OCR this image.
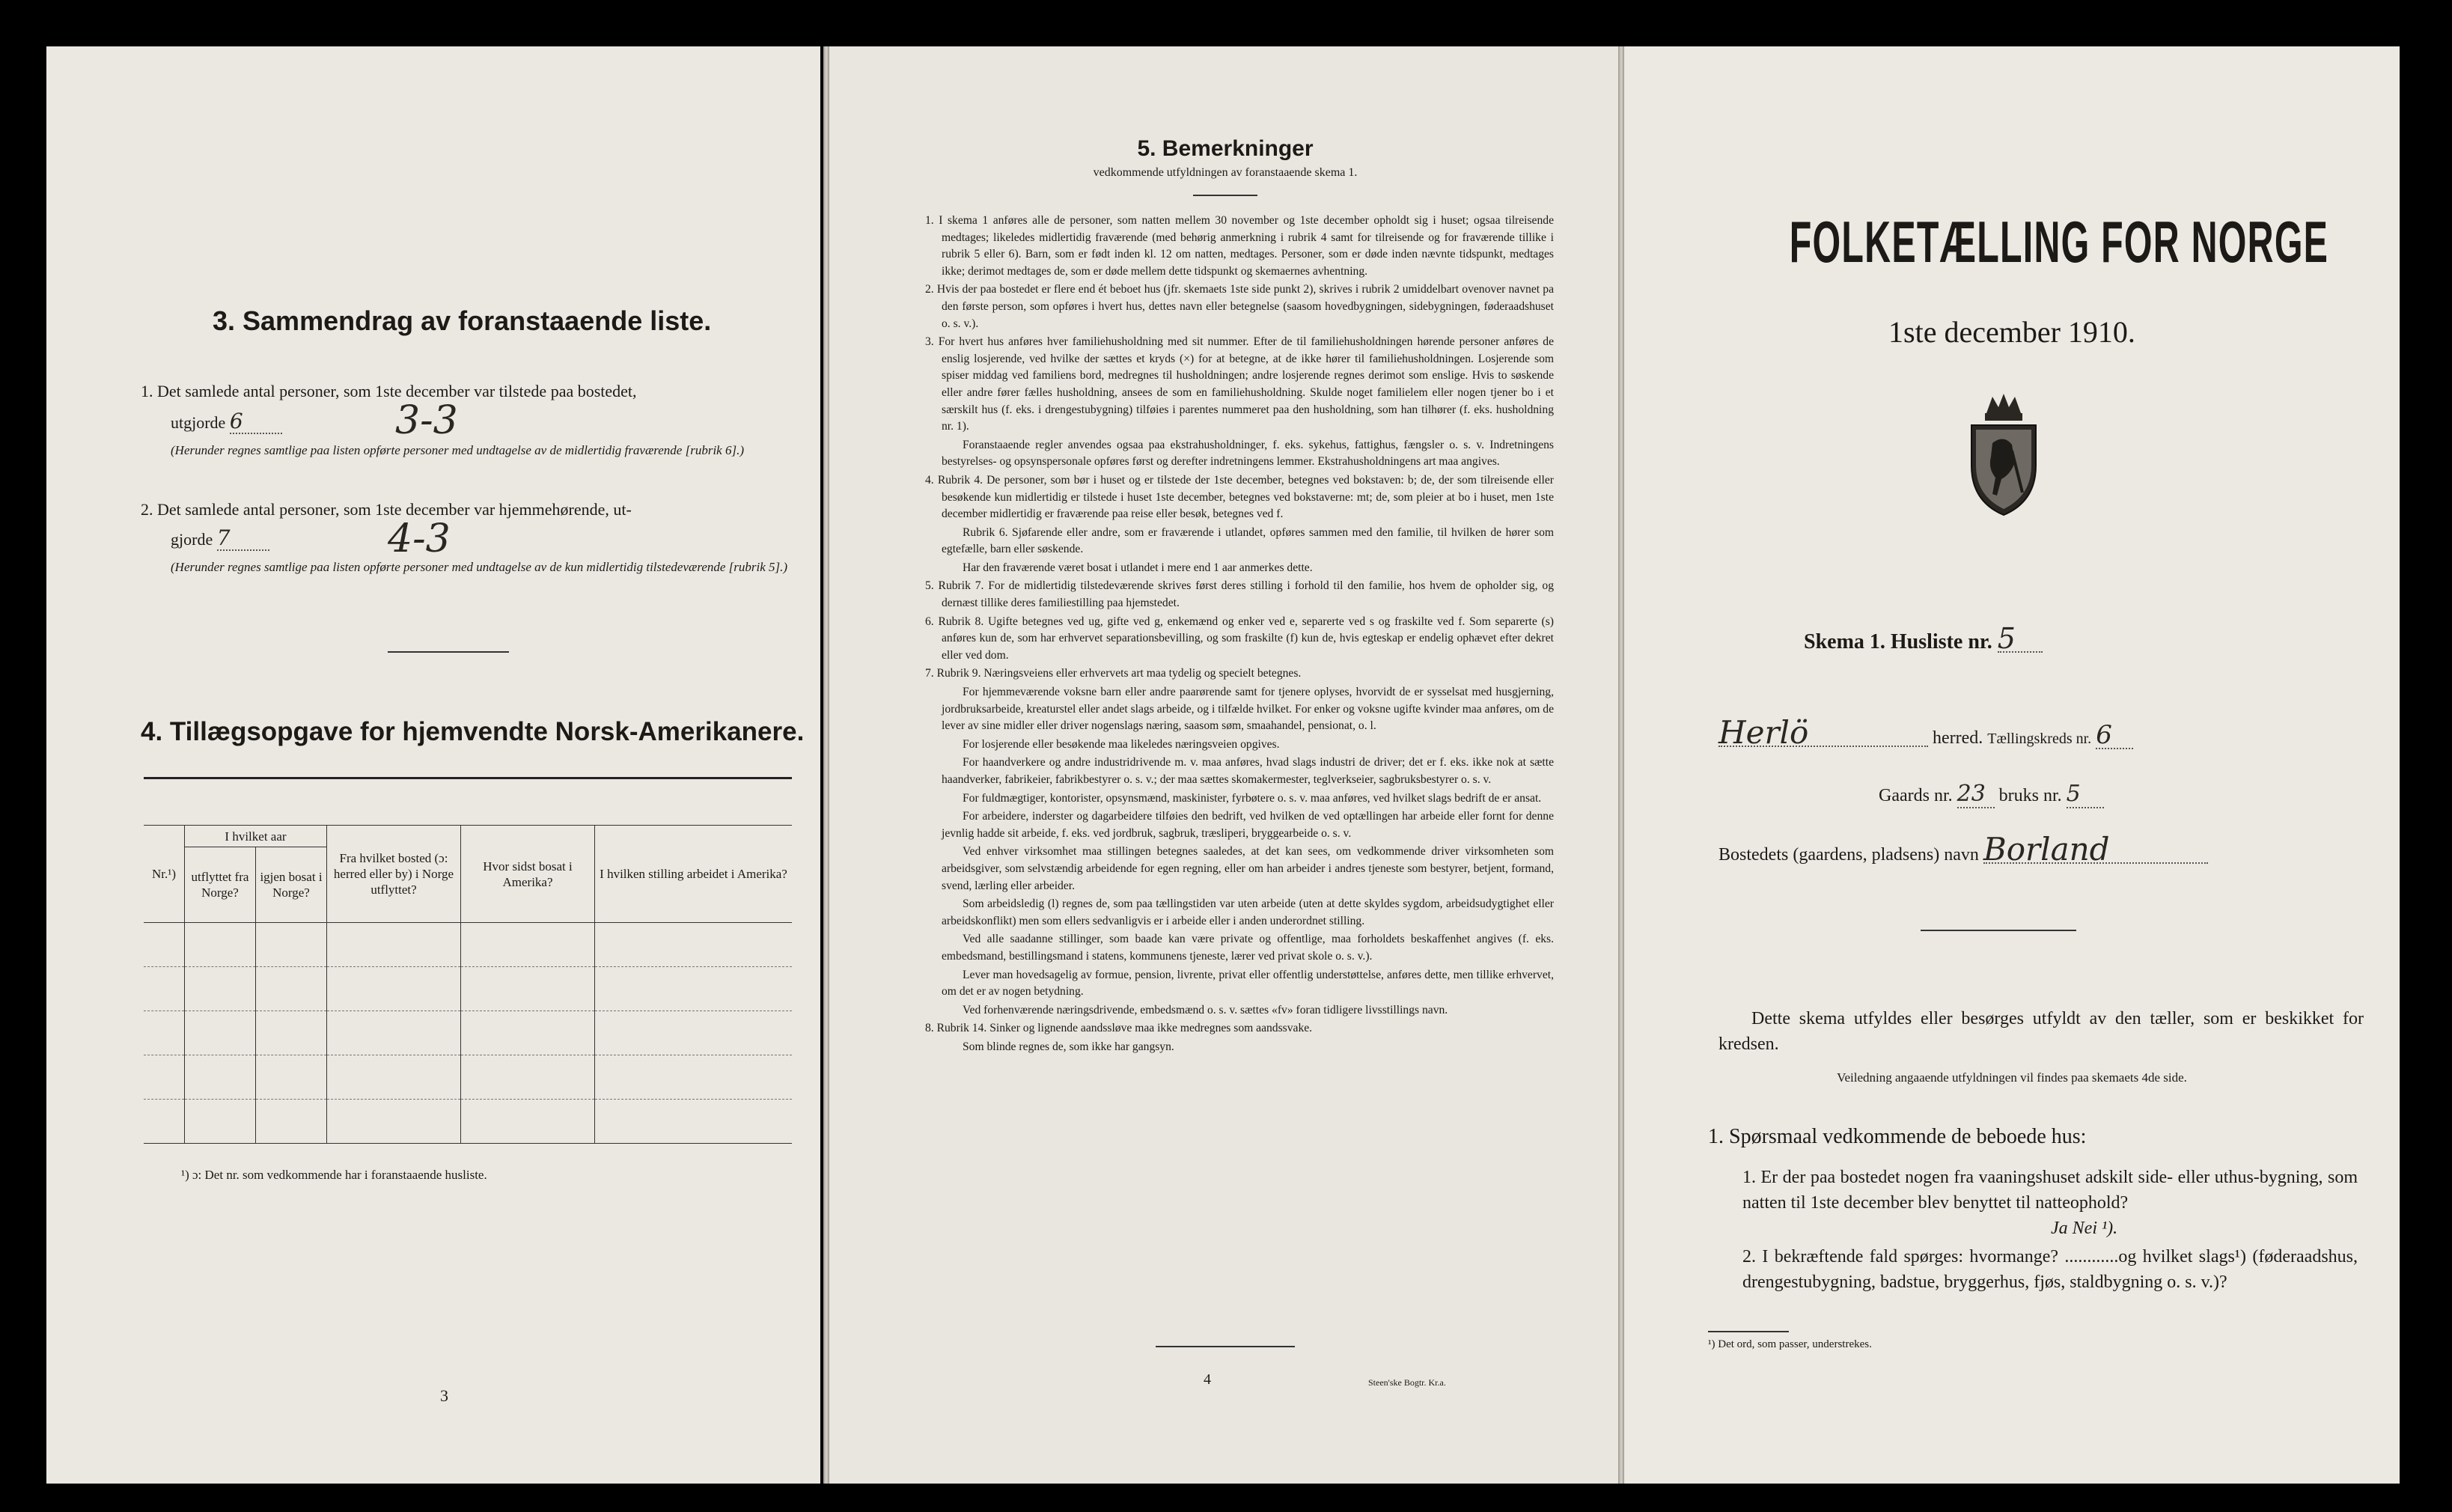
3. Sammendrag av foranstaaende liste.
1. Det samlede antal personer, som 1ste december var tilstede paa bostedet,
utgjorde 6	3-3
(Herunder regnes samtlige paa listen opførte personer med undtagelse av de midlertidig fraværende [rubrik 6].)
2. Det samlede antal personer, som 1ste december var hjemmehørende, ut-
gjorde 7	4-3
(Herunder regnes samtlige paa listen opførte personer med undtagelse av de kun midlertidig tilstedeværende [rubrik 5].)
4. Tillægsopgave for hjemvendte Norsk-Amerikanere.
Nr.¹)	I hvilket aar		Fra hvilket bosted (ɔ: herred eller by) i Norge utflyttet?	Hvor sidst bosat i Amerika?	I hvilken stilling arbeidet i Amerika?
	utflyttet fra Norge?	igjen bosat i Norge?			

¹) ɔ: Det nr. som vedkommende har i foranstaaende husliste.
3
5. Bemerkninger
vedkommende utfyldningen av foranstaaende skema 1.

1. I skema 1 anføres alle de personer, som natten mellem 30 november og 1ste december opholdt sig i huset; ogsaa tilreisende medtages; likeledes midlertidig fraværende (med behørig anmerkning i rubrik 4 samt for tilreisende og for fraværende tillike i rubrik 5 eller 6). Barn, som er født inden kl. 12 om natten, medtages. Personer, som er døde inden nævnte tidspunkt, medtages ikke; derimot medtages de, som er døde mellem dette tidspunkt og skemaernes avhentning.

2. Hvis der paa bostedet er flere end ét beboet hus (jfr. skemaets 1ste side punkt 2), skrives i rubrik 2 umiddelbart ovenover navnet pa den første person, som opføres i hvert hus, dettes navn eller betegnelse (saasom hovedbygningen, sidebygningen, føderaadshuset o. s. v.).

3. For hvert hus anføres hver familiehusholdning med sit nummer. Efter de til familiehusholdningen hørende personer anføres de enslig losjerende, ved hvilke der sættes et kryds (×) for at betegne, at de ikke hører til familiehusholdningen. Losjerende som spiser middag ved familiens bord, medregnes til husholdningen; andre losjerende regnes derimot som enslige. Hvis to søskende eller andre fører fælles husholdning, ansees de som en familiehusholdning. Skulde noget familielem eller nogen tjener bo i et særskilt hus (f. eks. i drengestubygning) tilføies i parentes nummeret paa den husholdning, som han tilhører (f. eks. husholdning nr. 1).

Foranstaaende regler anvendes ogsaa paa ekstrahusholdninger, f. eks. sykehus, fattighus, fængsler o. s. v. Indretningens bestyrelses- og opsynspersonale opføres først og derefter indretningens lemmer. Ekstrahusholdningens art maa angives.

4. Rubrik 4. De personer, som bør i huset og er tilstede der 1ste december, betegnes ved bokstaven: b; de, der som tilreisende eller besøkende kun midlertidig er tilstede i huset 1ste december, betegnes ved bokstaverne: mt; de, som pleier at bo i huset, men 1ste december midlertidig er fraværende paa reise eller besøk, betegnes ved f.

Rubrik 6. Sjøfarende eller andre, som er fraværende i utlandet, opføres sammen med den familie, til hvilken de hører som egtefælle, barn eller søskende.

Har den fraværende været bosat i utlandet i mere end 1 aar anmerkes dette.

5. Rubrik 7. For de midlertidig tilstedeværende skrives først deres stilling i forhold til den familie, hos hvem de opholder sig, og dernæst tillike deres familiestilling paa hjemstedet.

6. Rubrik 8. Ugifte betegnes ved ug, gifte ved g, enkemænd og enker ved e, separerte ved s og fraskilte ved f. Som separerte (s) anføres kun de, som har erhvervet separationsbevilling, og som fraskilte (f) kun de, hvis egteskap er endelig ophævet efter dekret eller ved dom.

7. Rubrik 9. Næringsveiens eller erhvervets art maa tydelig og specielt betegnes.

For hjemmeværende voksne barn eller andre paarørende samt for tjenere oplyses, hvorvidt de er sysselsat med husgjerning, jordbruksarbeide, kreaturstel eller andet slags arbeide, og i tilfælde hvilket. For enker og voksne ugifte kvinder maa anføres, om de lever av sine midler eller driver nogenslags næring, saasom søm, smaahandel, pensionat, o. l.

For losjerende eller besøkende maa likeledes næringsveien opgives.

For haandverkere og andre industridrivende m. v. maa anføres, hvad slags industri de driver; det er f. eks. ikke nok at sætte haandverker, fabrikeier, fabrikbestyrer o. s. v.; der maa sættes skomakermester, teglverkseier, sagbruksbestyrer o. s. v.

For fuldmægtiger, kontorister, opsynsmænd, maskinister, fyrbøtere o. s. v. maa anføres, ved hvilket slags bedrift de er ansat.

For arbeidere, inderster og dagarbeidere tilføies den bedrift, ved hvilken de ved optællingen har arbeide eller fornt for denne jevnlig hadde sit arbeide, f. eks. ved jordbruk, sagbruk, træsliperi, bryggearbeide o. s. v.

Ved enhver virksomhet maa stillingen betegnes saaledes, at det kan sees, om vedkommende driver virksomheten som arbeidsgiver, som selvstændig arbeidende for egen regning, eller om han arbeider i andres tjeneste som bestyrer, betjent, formand, svend, lærling eller arbeider.

Som arbeidsledig (l) regnes de, som paa tællingstiden var uten arbeide (uten at dette skyldes sygdom, arbeidsudygtighet eller arbeidskonflikt) men som ellers sedvanligvis er i arbeide eller i anden underordnet stilling.

Ved alle saadanne stillinger, som baade kan være private og offentlige, maa forholdets beskaffenhet angives (f. eks. embedsmand, bestillingsmand i statens, kommunens tjeneste, lærer ved privat skole o. s. v.).

Lever man hovedsagelig av formue, pension, livrente, privat eller offentlig understøttelse, anføres dette, men tillike erhvervet, om det er av nogen betydning.

Ved forhenværende næringsdrivende, embedsmænd o. s. v. sættes «fv» foran tidligere livsstillings navn.

8. Rubrik 14. Sinker og lignende aandssløve maa ikke medregnes som aandssvake.

Som blinde regnes de, som ikke har gangsyn.

4	Steen'ske Bogtr. Kr.a.
FOLKETÆLLING FOR NORGE
1ste december 1910.
Skema 1. Husliste nr. 5
Herlö	herred. Tællingskreds nr. 6
Gaards nr. 23 bruks nr. 5
Bostedets (gaardens, pladsens) navn Borland
Dette skema utfyldes eller besørges utfyldt av den tæller, som er beskikket for kredsen.
Veiledning angaaende utfyldningen vil findes paa skemaets 4de side.
1. Spørsmaal vedkommende de beboede hus:
1. Er der paa bostedet nogen fra vaaningshuset adskilt side- eller uthus-bygning, som natten til 1ste december blev benyttet til natteophold?
Ja Nei ¹).
2. I bekræftende fald spørges: hvormange? ............og hvilket slags¹) (føderaadshus, drengestubygning, badstue, bryggerhus, fjøs, staldbygning o. s. v.)?
¹) Det ord, som passer, understrekes.
